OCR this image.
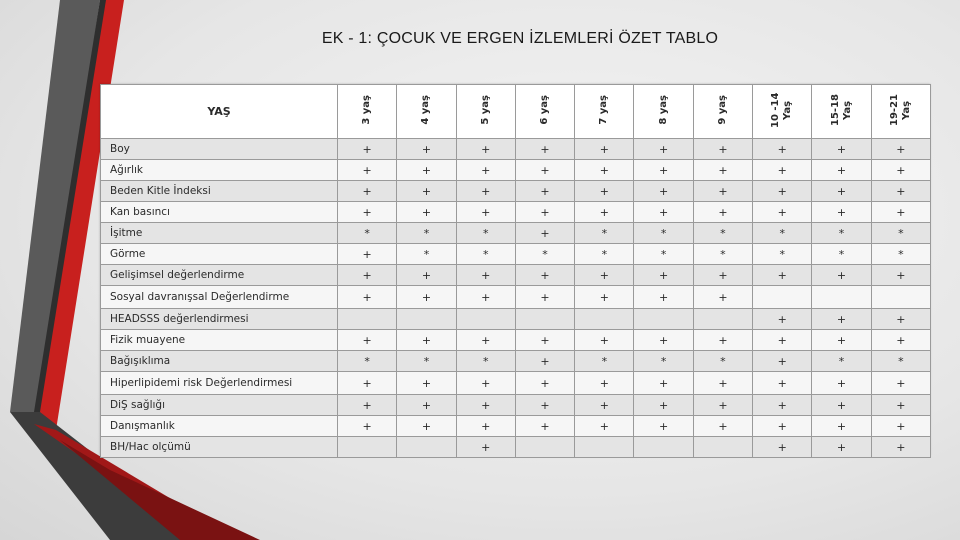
EK - 1: ÇOCUK VE ERGEN İZLEMLERİ ÖZET TABLO
YAŞ	3 yaş	4 yaş	5 yaş	6 yaş	7 yaş	8 yaş	9 yaş	10 -14 Yaş	15-18 Yaş	19-21 Yaş
Boy	+	+	+	+	+	+	+	+	+	+
Ağırlık	+	+	+	+	+	+	+	+	+	+
Beden Kitle İndeksi	+	+	+	+	+	+	+	+	+	+
Kan basıncı	+	+	+	+	+	+	+	+	+	+
İşitme	*	*	*	+	*	*	*	*	*	*
Görme	+	*	*	*	*	*	*	*	*	*
Gelişimsel değerlendirme	+	+	+	+	+	+	+	+	+	+
Sosyal davranışsal Değerlendirme	+	+	+	+	+	+	+			
HEADSSS değerlendirmesi								+	+	+
Fizik muayene	+	+	+	+	+	+	+	+	+	+
Bağışıklıma	*	*	*	+	*	*	*	+	*	*
Hiperlipidemi risk Değerlendirmesi	+	+	+	+	+	+	+	+	+	+
DiŞ sağlığı	+	+	+	+	+	+	+	+	+	+
Danışmanlık	+	+	+	+	+	+	+	+	+	+
BH/Hac olçümü			+					+	+	+
